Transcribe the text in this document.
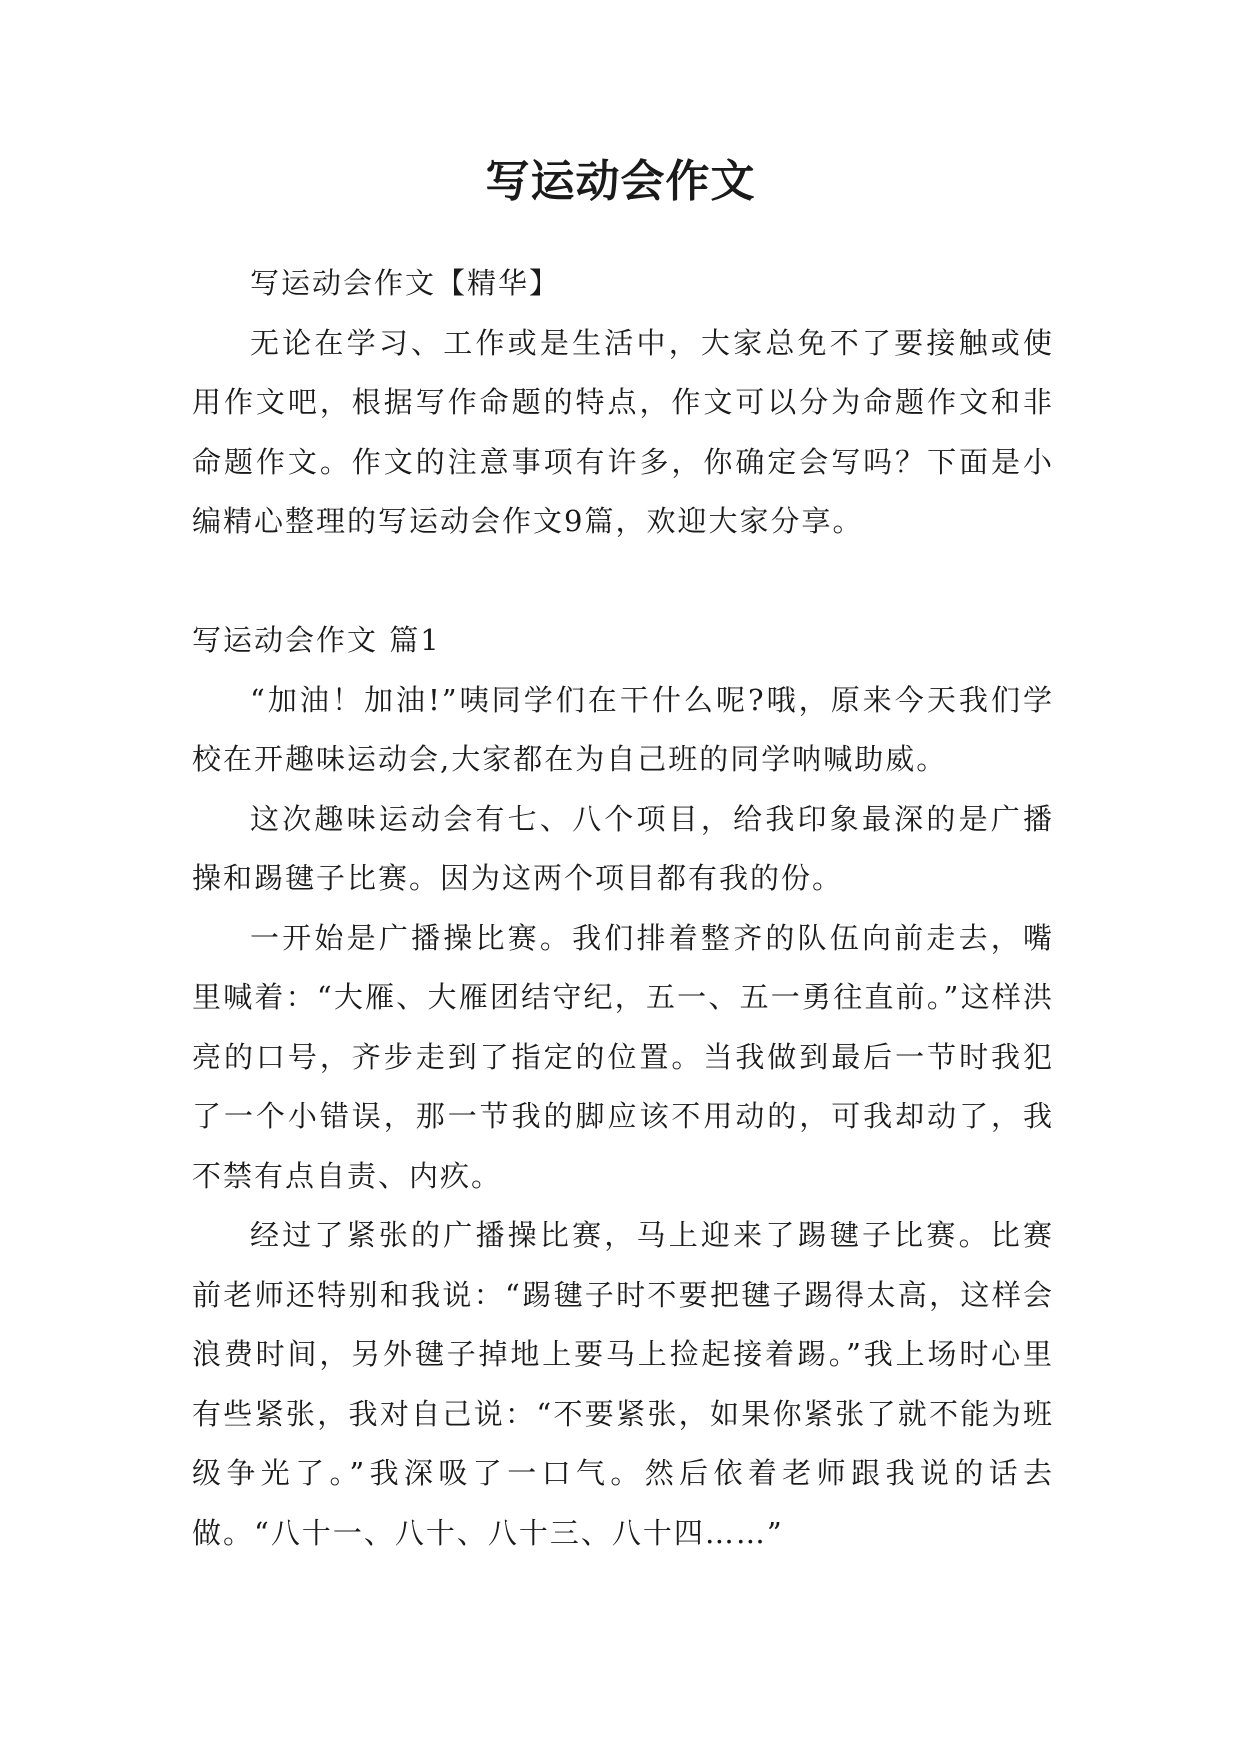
写运动会作文

写运动会作文【精华】

无论在学习、工作或是生活中，大家总免不了要接触或使用作文吧，根据写作命题的特点，作文可以分为命题作文和非命题作文。作文的注意事项有许多，你确定会写吗？下面是小编精心整理的写运动会作文9篇，欢迎大家分享。

写运动会作文 篇1

“加油！加油!”咦同学们在干什么呢?哦，原来今天我们学校在开趣味运动会,大家都在为自己班的同学呐喊助威。

这次趣味运动会有七、八个项目，给我印象最深的是广播操和踢毽子比赛。因为这两个项目都有我的份。

一开始是广播操比赛。我们排着整齐的队伍向前走去，嘴里喊着：“大雁、大雁团结守纪，五一、五一勇往直前。”这样洪亮的口号，齐步走到了指定的位置。当我做到最后一节时我犯了一个小错误，那一节我的脚应该不用动的，可我却动了，我不禁有点自责、内疚。

经过了紧张的广播操比赛，马上迎来了踢毽子比赛。比赛前老师还特别和我说：“踢毽子时不要把毽子踢得太高，这样会浪费时间，另外毽子掉地上要马上捡起接着踢。”我上场时心里有些紧张，我对自己说：“不要紧张，如果你紧张了就不能为班级争光了。”我深吸了一口气。然后依着老师跟我说的话去做。“八十一、八十、八十三、八十四……”
